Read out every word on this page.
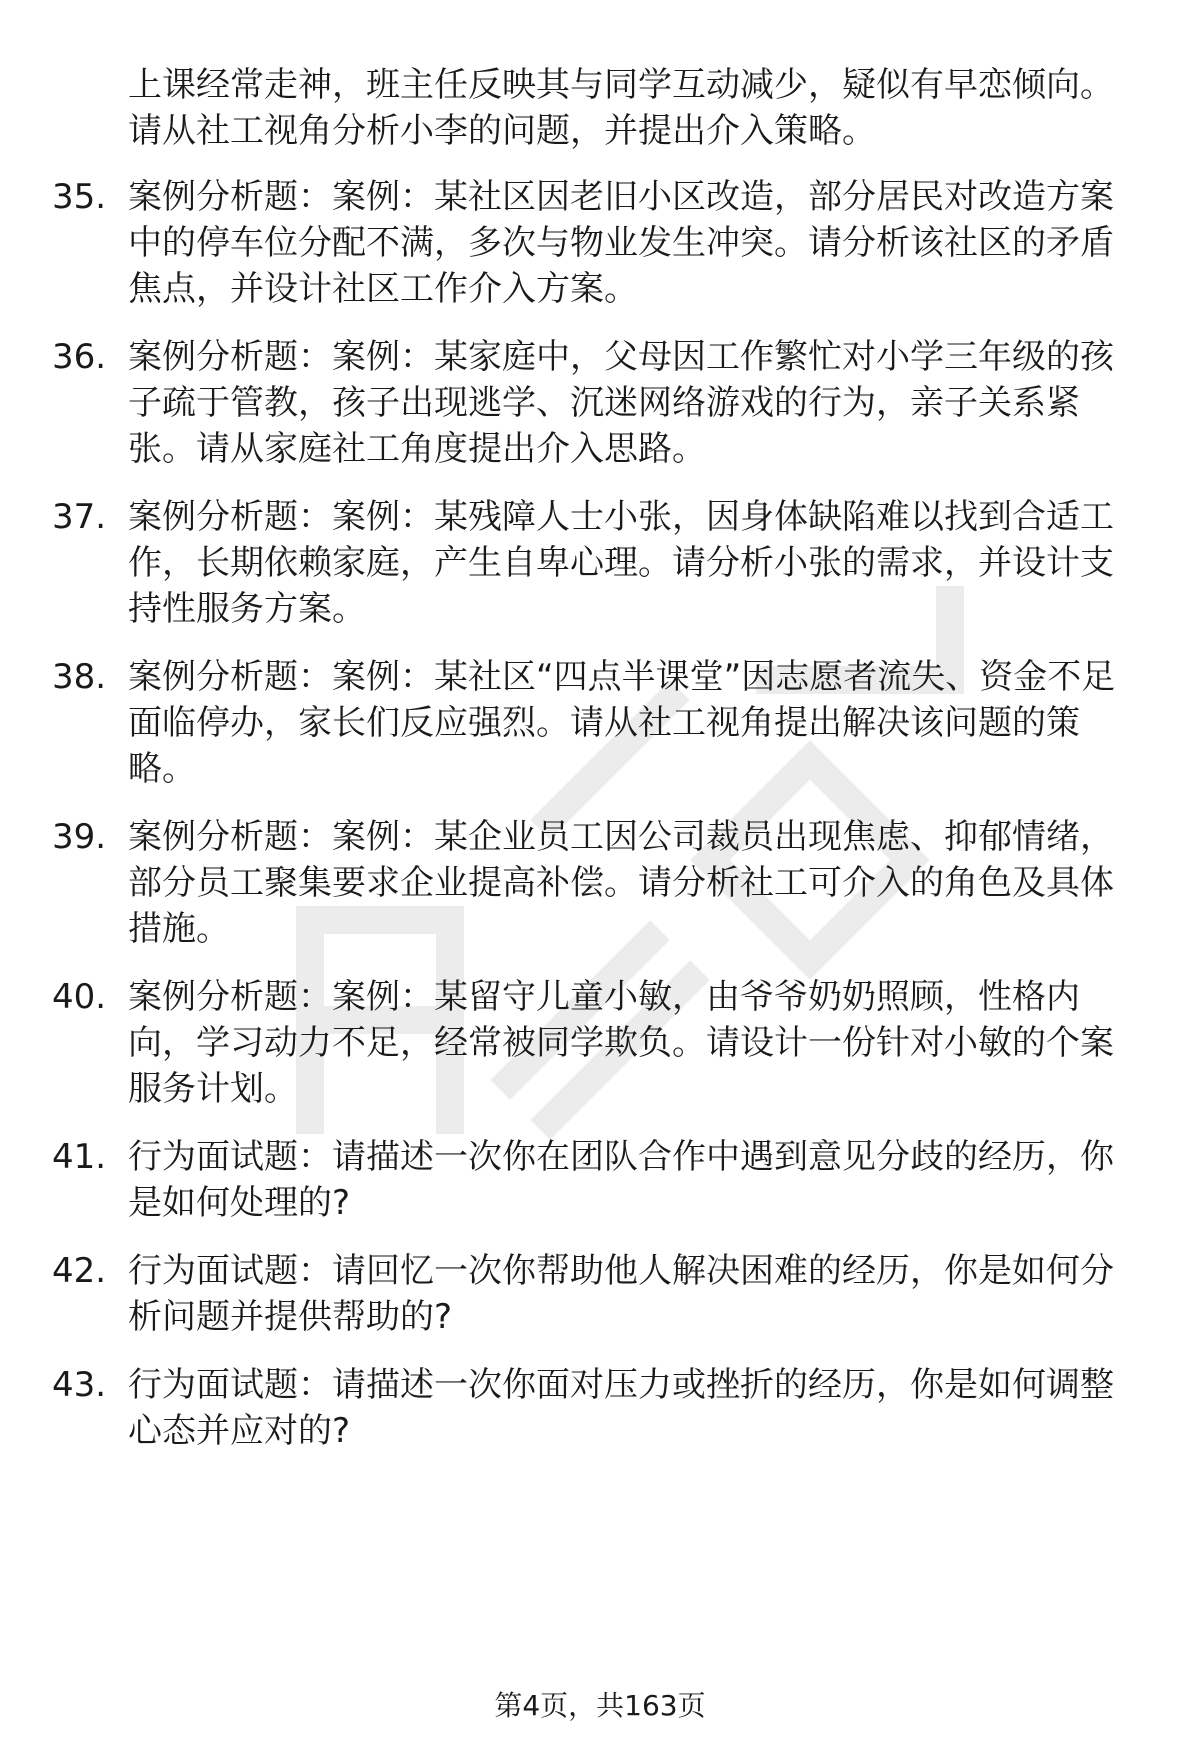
上课经常走神，班主任反映其与同学互动减少，疑似有早恋倾向。请从社工视角分析小李的问题，并提出介入策略。
35. 案例分析题：案例：某社区因老旧小区改造，部分居民对改造方案中的停车位分配不满，多次与物业发生冲突。请分析该社区的矛盾焦点，并设计社区工作介入方案。
36. 案例分析题：案例：某家庭中，父母因工作繁忙对小学三年级的孩子疏于管教，孩子出现逃学、沉迷网络游戏的行为，亲子关系紧张。请从家庭社工角度提出介入思路。
37. 案例分析题：案例：某残障人士小张，因身体缺陷难以找到合适工作，长期依赖家庭，产生自卑心理。请分析小张的需求，并设计支持性服务方案。
38. 案例分析题：案例：某社区“四点半课堂”因志愿者流失、资金不足面临停办，家长们反应强烈。请从社工视角提出解决该问题的策略。
39. 案例分析题：案例：某企业员工因公司裁员出现焦虑、抑郁情绪，部分员工聚集要求企业提高补偿。请分析社工可介入的角色及具体措施。
40. 案例分析题：案例：某留守儿童小敏，由爷爷奶奶照顾，性格内向，学习动力不足，经常被同学欺负。请设计一份针对小敏的个案服务计划。
41. 行为面试题：请描述一次你在团队合作中遇到意见分歧的经历，你是如何处理的?
42. 行为面试题：请回忆一次你帮助他人解决困难的经历，你是如何分析问题并提供帮助的?
43. 行为面试题：请描述一次你面对压力或挫折的经历，你是如何调整心态并应对的?
第4页，共163页
